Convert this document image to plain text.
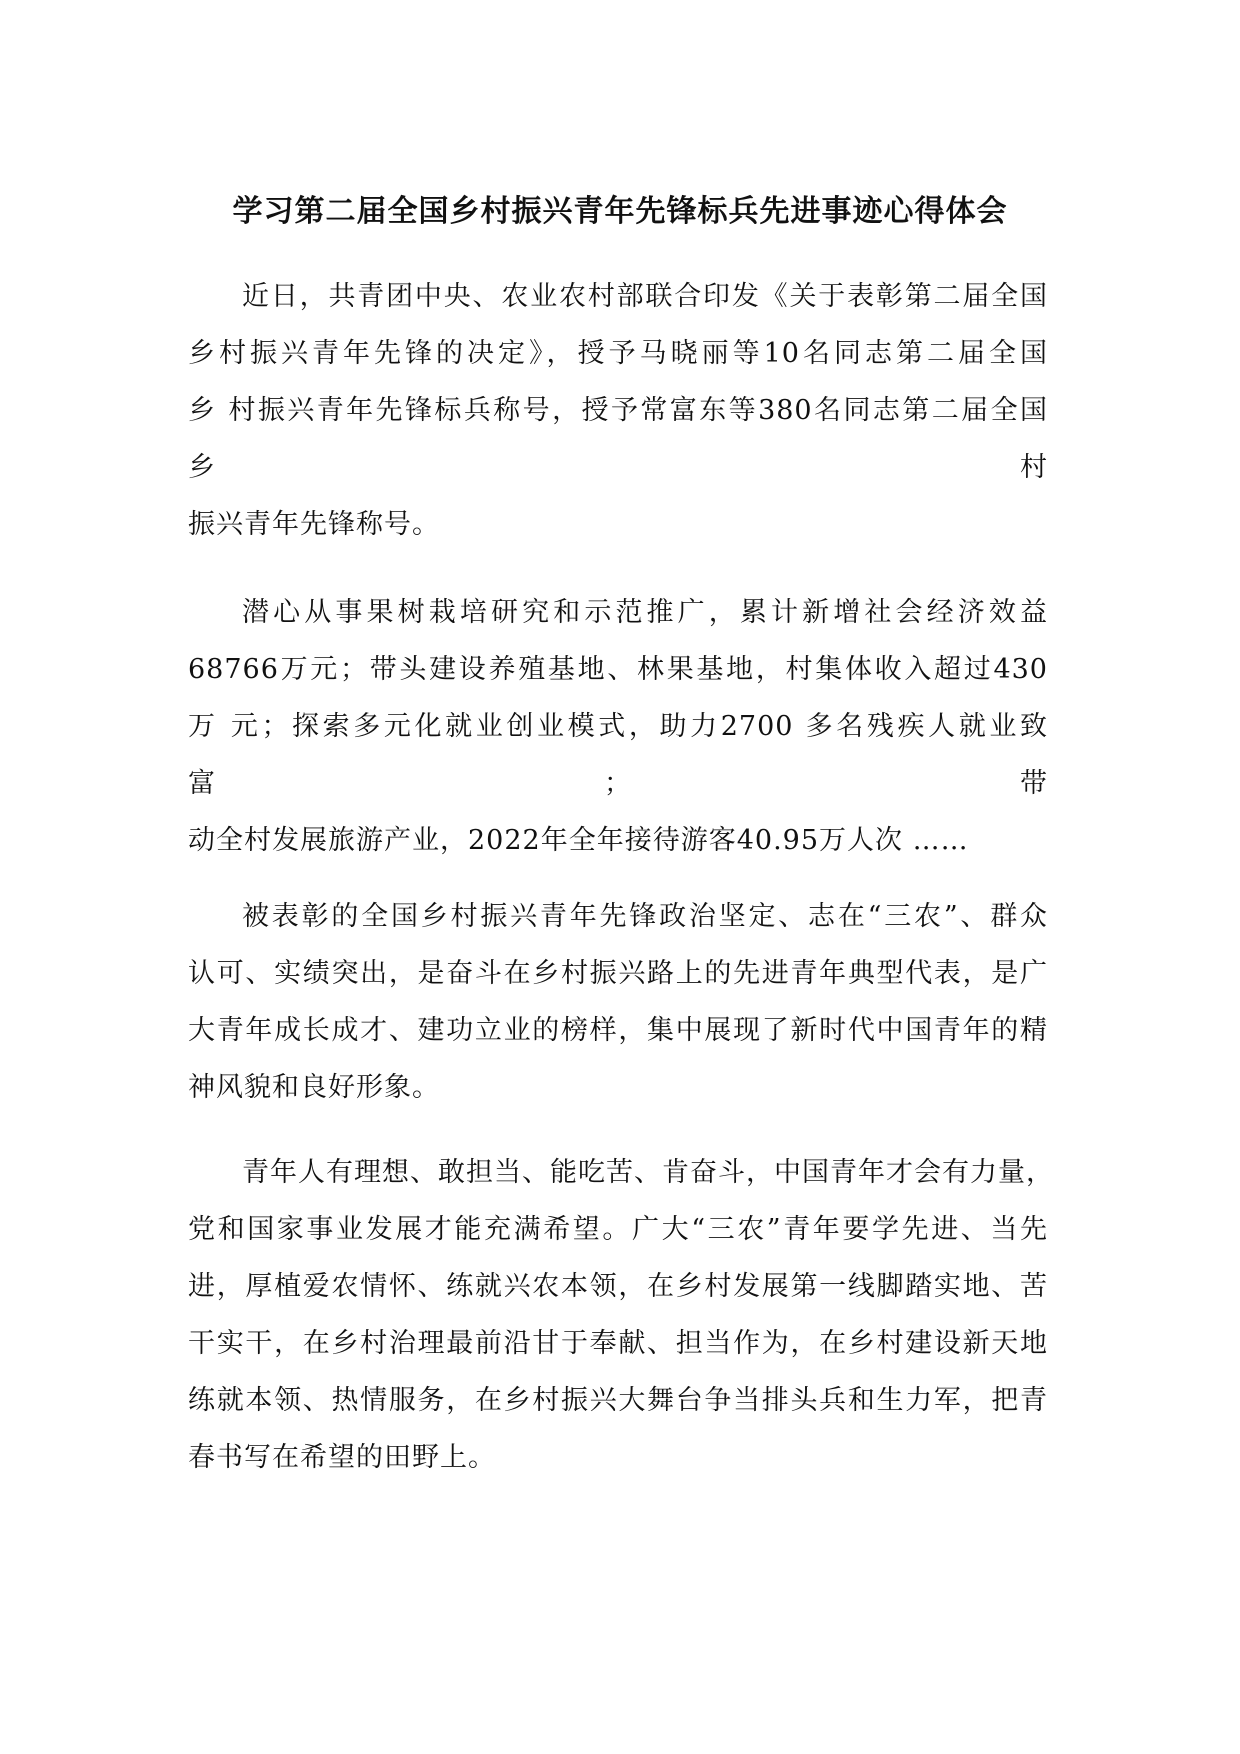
学习第二届全国乡村振兴青年先锋标兵先进事迹心得体会
近日，共青团中央、农业农村部联合印发《关于表彰第二届全国
乡村振兴青年先锋的决定》，授予马晓丽等10名同志第二届全国
乡 村振兴青年先锋标兵称号，授予常富东等380名同志第二届全国
乡村
振兴青年先锋称号。
潜心从事果树栽培研究和示范推广，累计新增社会经济效益
68766万元；带头建设养殖基地、林果基地，村集体收入超过430
万 元；探索多元化就业创业模式，助力2700 多名残疾人就业致
富；带
动全村发展旅游产业，2022年全年接待游客40.95万人次 ……
被表彰的全国乡村振兴青年先锋政治坚定、志在“三农”、群众
认可、实绩突出，是奋斗在乡村振兴路上的先进青年典型代表，是广
大青年成长成才、建功立业的榜样，集中展现了新时代中国青年的精
神风貌和良好形象。
青年人有理想、敢担当、能吃苦、肯奋斗，中国青年才会有力量，
党和国家事业发展才能充满希望。广大“三农”青年要学先进、当先
进，厚植爱农情怀、练就兴农本领，在乡村发展第一线脚踏实地、苦
干实干，在乡村治理最前沿甘于奉献、担当作为，在乡村建设新天地
练就本领、热情服务，在乡村振兴大舞台争当排头兵和生力军，把青
春书写在希望的田野上。
